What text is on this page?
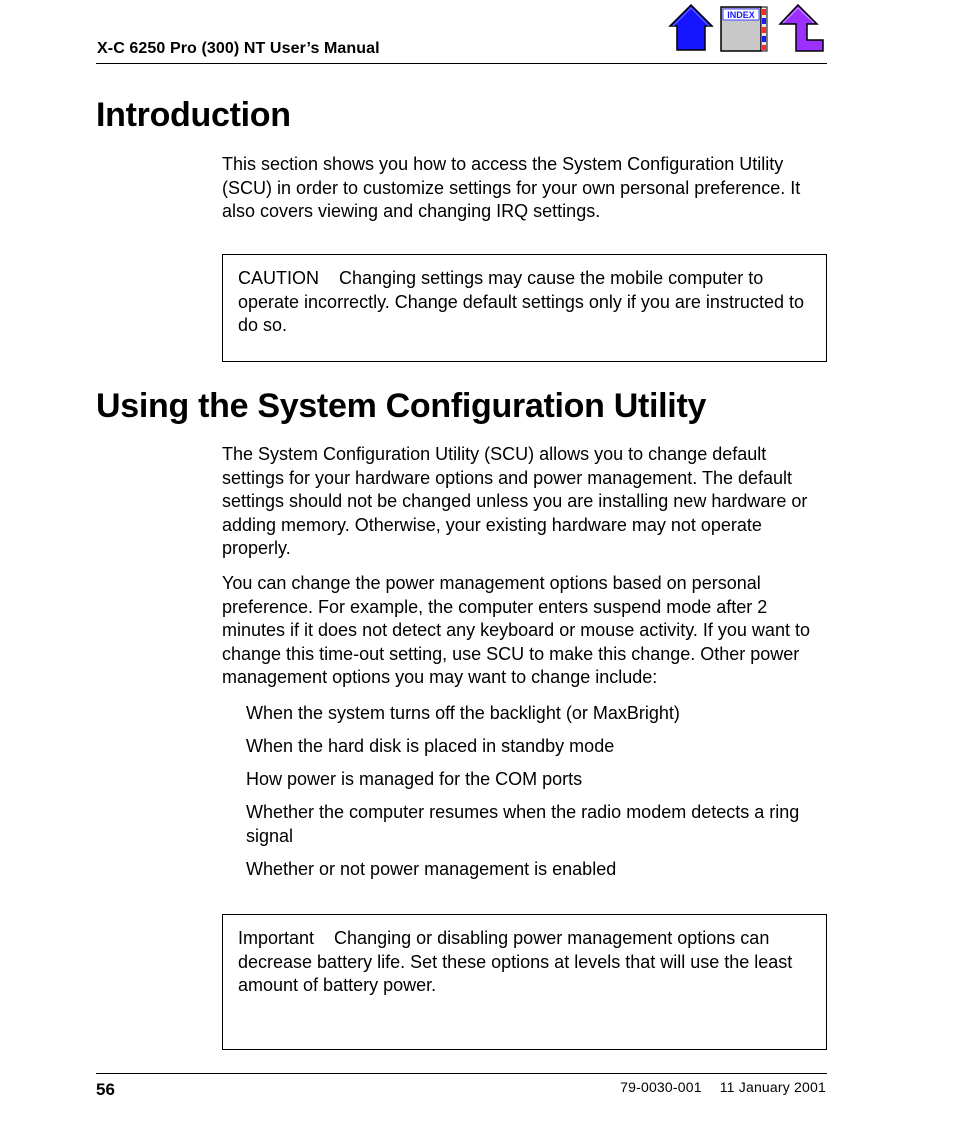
X-C 6250 Pro (300) NT User’s Manual
INDEX
Introduction

This section shows you how to access the System Configuration Utility (SCU) in order to customize settings for your own personal preference. It also covers viewing and changing IRQ settings.

CAUTION Changing settings may cause the mobile computer to operate incorrectly. Change default settings only if you are instructed to do so.

Using the System Configuration Utility

The System Configuration Utility (SCU) allows you to change default settings for your hardware options and power management. The default settings should not be changed unless you are installing new hardware or adding memory. Otherwise, your existing hardware may not operate properly.

You can change the power management options based on personal preference. For example, the computer enters suspend mode after 2 minutes if it does not detect any keyboard or mouse activity. If you want to change this time-out setting, use SCU to make this change. Other power management options you may want to change include:

When the system turns off the backlight (or MaxBright)
When the hard disk is placed in standby mode
How power is managed for the COM ports
Whether the computer resumes when the radio modem detects a ring signal
Whether or not power management is enabled

Important Changing or disabling power management options can decrease battery life. Set these options at levels that will use the least amount of battery power.

56	79-0030-001 11 January 2001
